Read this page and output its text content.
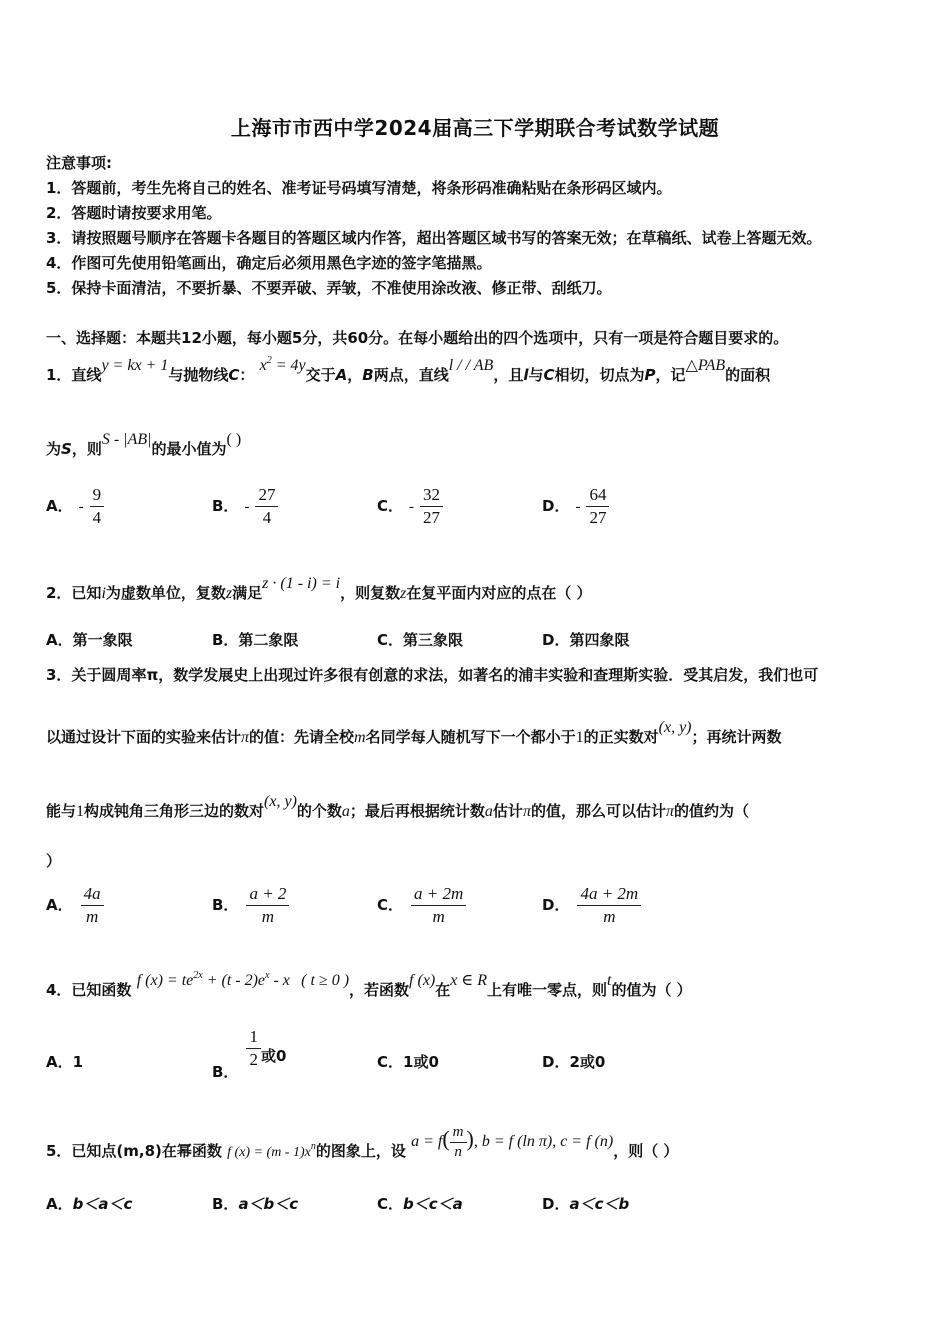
上海市市西中学2024届高三下学期联合考试数学试题
注意事项:
1．答题前，考生先将自己的姓名、准考证号码填写清楚，将条形码准确粘贴在条形码区域内。
2．答题时请按要求用笔。
3．请按照题号顺序在答题卡各题目的答题区域内作答，超出答题区域书写的答案无效；在草稿纸、试卷上答题无效。
4．作图可先使用铅笔画出，确定后必须用黑色字迹的签字笔描黑。
5．保持卡面清洁，不要折暴、不要弄破、弄皱，不准使用涂改液、修正带、刮纸刀。
一、选择题：本题共12小题，每小题5分，共60分。在每小题给出的四个选项中，只有一项是符合题目要求的。
1．直线y = kx + 1与抛物线C： $x^2 = 4y$交于A，B两点，直线l / / AB，且l与C相切，切点为P，记△PAB的面积
为S，则S - |AB|的最小值为( )
A． - $\frac{9}{4}$	B． - $\frac{27}{4}$	C． - $\frac{32}{27}$	D． - $\frac{64}{27}$
2．已知i为虚数单位，复数z满足z · (1 - i) = i，则复数z在复平面内对应的点在（ ）
A．第一象限	B．第二象限	C．第三象限	D．第四象限
3．关于圆周率π，数学发展史上出现过许多很有创意的求法，如著名的浦丰实验和查理斯实验．受其启发，我们也可
以通过设计下面的实验来估计π的值：先请全校m名同学每人随机写下一个都小于1的正实数对(x, y)；再统计两数
能与1构成钝角三角形三边的数对(x, y)的个数a；最后再根据统计数a估计π的值，那么可以估计π的值约为（
）
A． $\frac{4a}{m}$	B． $\frac{a + 2}{m}$	C． $\frac{a + 2m}{m}$	D． $\frac{4a + 2m}{m}$
4．已知函数 f $(x) = te^{2x} + (t - 2)e^x - x$ ( t ≥ 0 )，若函数f (x)在x ∈ R上有唯一零点，则t的值为（ ）
A．1
B．
$\frac{1}{2}$ 或0	C．1或0	D．2或0
5．已知点(m,8)在幂函数 f $(x) = (m - 1)x^n$的图象上，设 $a = f( \frac{m}{n}$ ), b = f (ln π), c = f (n)，则（ ）
A．b＜a＜c	B．a＜b＜c	C．b＜c＜a	D．a＜c＜b
